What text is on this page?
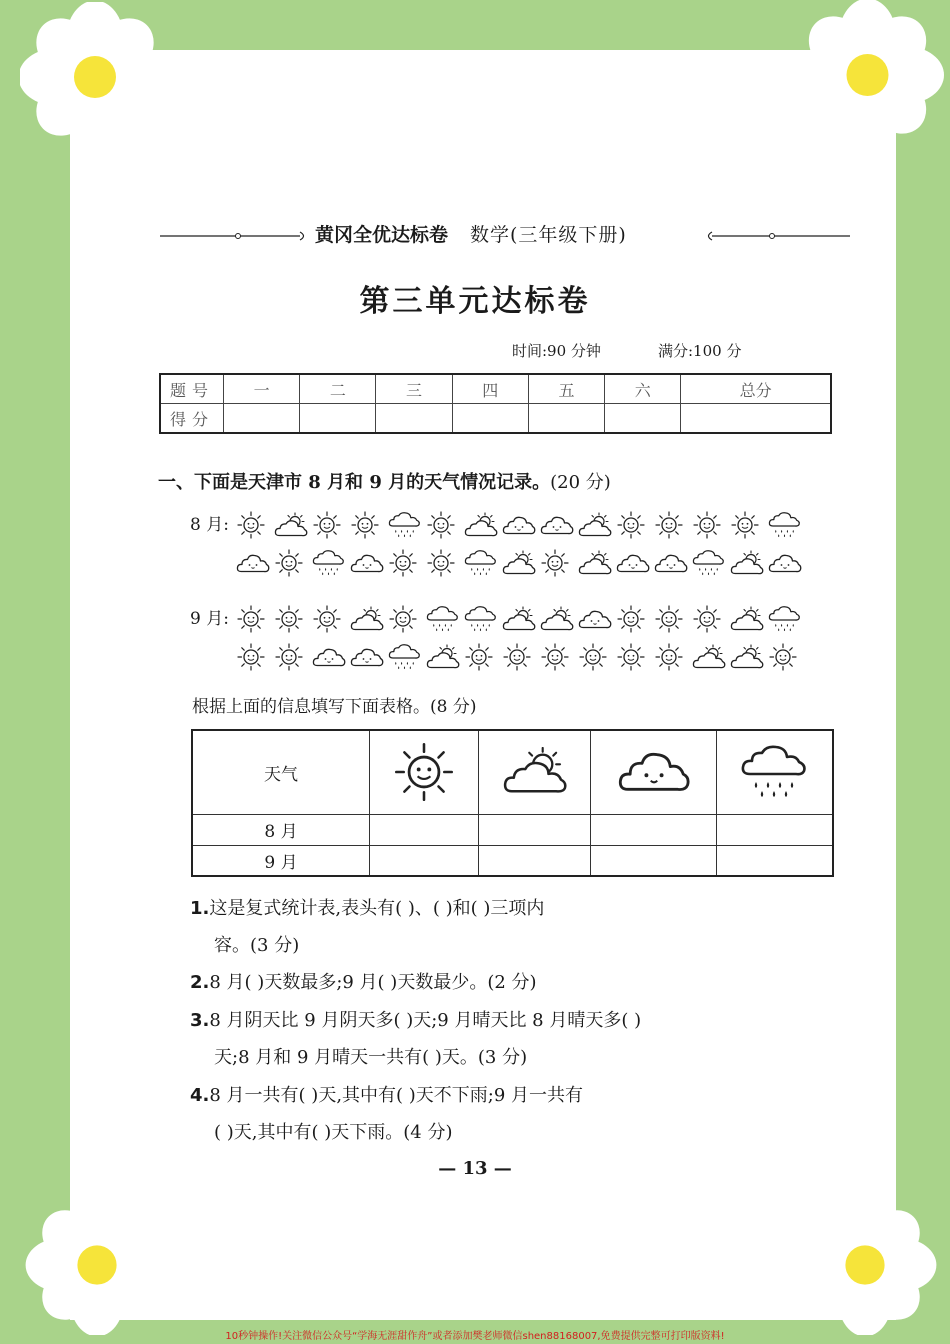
黄冈全优达标卷 数学(三年级下册)
第三单元达标卷
时间:90 分钟	满分:100 分
题号	一	二	三	四	五	六	总分
得分							
一、下面是天津市 8 月和 9 月的天气情况记录。(20 分)
8 月:
9 月:
根据上面的信息填写下面表格。(8 分)
天气	

8 月				
9 月				
1.这是复式统计表,表头有( )、( )和( )三项内
容。(3 分)
2.8 月( )天数最多;9 月( )天数最少。(2 分)
3.8 月阴天比 9 月阴天多( )天;9 月晴天比 8 月晴天多( )
天;8 月和 9 月晴天一共有( )天。(3 分)
4.8 月一共有( )天,其中有( )天不下雨;9 月一共有
( )天,其中有( )天下雨。(4 分)
— 13 —
10秒钟操作!关注微信公众号“学海无涯甜作舟”或者添加樊老师微信shen88168007,免费提供完整可打印版资料!
